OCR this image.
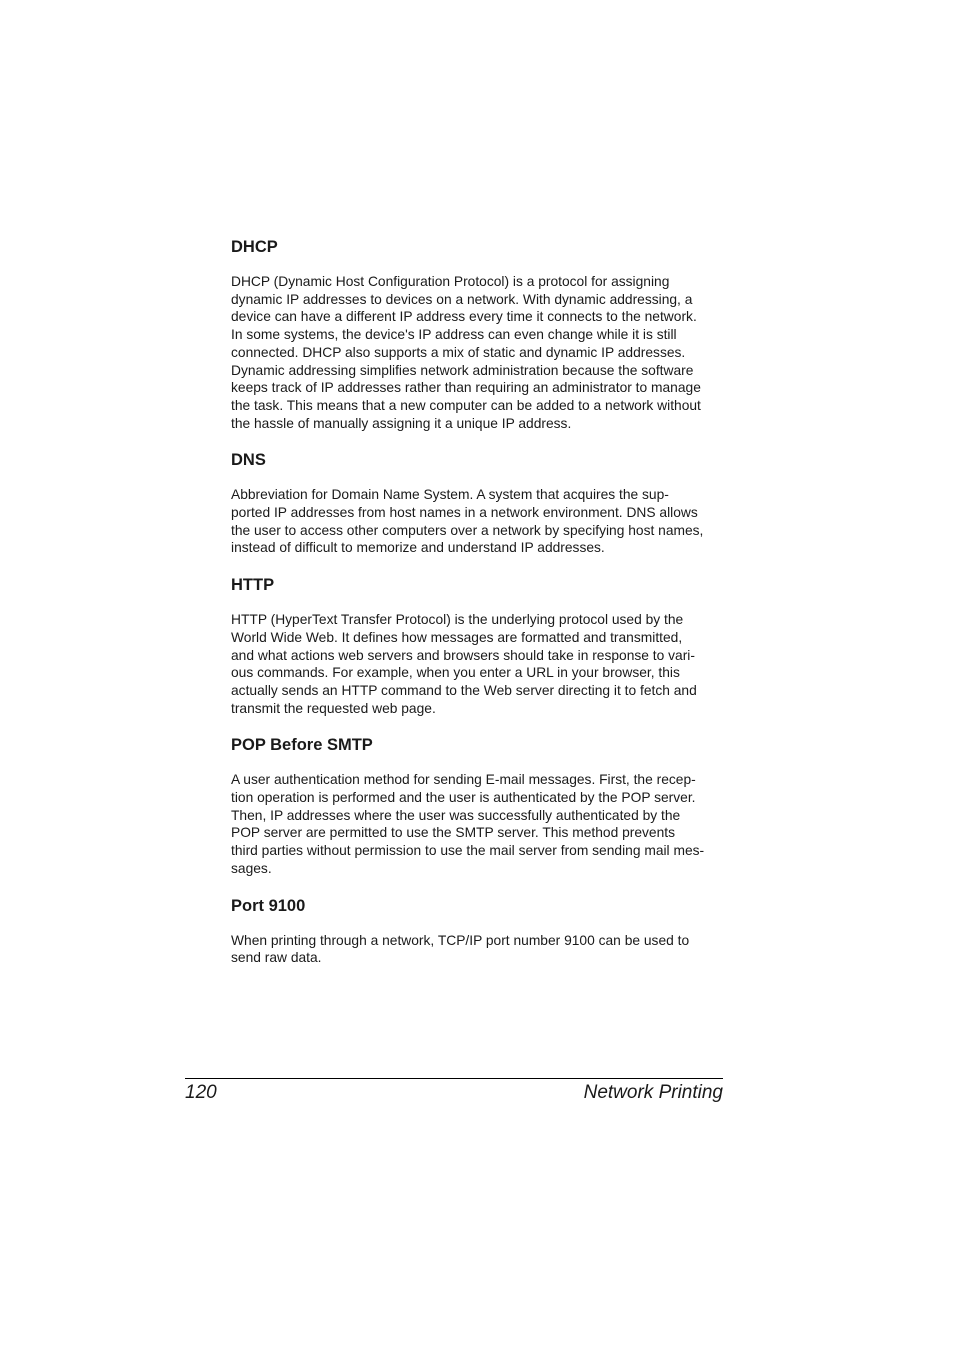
DHCP

DHCP (Dynamic Host Configuration Protocol) is a protocol for assigning
dynamic IP addresses to devices on a network. With dynamic addressing, a
device can have a different IP address every time it connects to the network.
In some systems, the device's IP address can even change while it is still
connected. DHCP also supports a mix of static and dynamic IP addresses.
Dynamic addressing simplifies network administration because the software
keeps track of IP addresses rather than requiring an administrator to manage
the task. This means that a new computer can be added to a network without
the hassle of manually assigning it a unique IP address.

DNS

Abbreviation for Domain Name System. A system that acquires the sup-
ported IP addresses from host names in a network environment. DNS allows
the user to access other computers over a network by specifying host names,
instead of difficult to memorize and understand IP addresses.

HTTP

HTTP (HyperText Transfer Protocol) is the underlying protocol used by the
World Wide Web. It defines how messages are formatted and transmitted,
and what actions web servers and browsers should take in response to vari-
ous commands. For example, when you enter a URL in your browser, this
actually sends an HTTP command to the Web server directing it to fetch and
transmit the requested web page.

POP Before SMTP

A user authentication method for sending E-mail messages. First, the recep-
tion operation is performed and the user is authenticated by the POP server.
Then, IP addresses where the user was successfully authenticated by the
POP server are permitted to use the SMTP server. This method prevents
third parties without permission to use the mail server from sending mail mes-
sages.

Port 9100

When printing through a network, TCP/IP port number 9100 can be used to
send raw data.

120	Network Printing
